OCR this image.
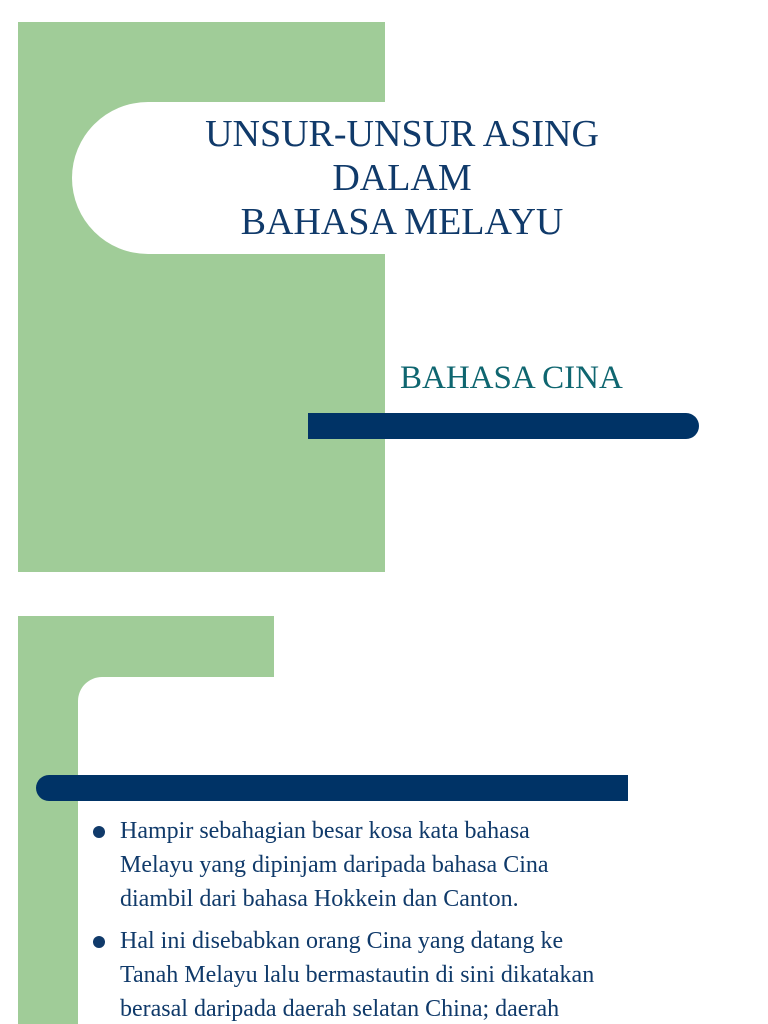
UNSUR-UNSUR ASING
DALAM
BAHASA MELAYU
BAHASA CINA
Hampir sebahagian besar kosa kata bahasa
Melayu yang dipinjam daripada bahasa Cina
diambil dari bahasa Hokkein dan Canton.
Hal ini disebabkan orang Cina yang datang ke
Tanah Melayu lalu bermastautin di sini dikatakan
berasal daripada daerah selatan China; daerah
